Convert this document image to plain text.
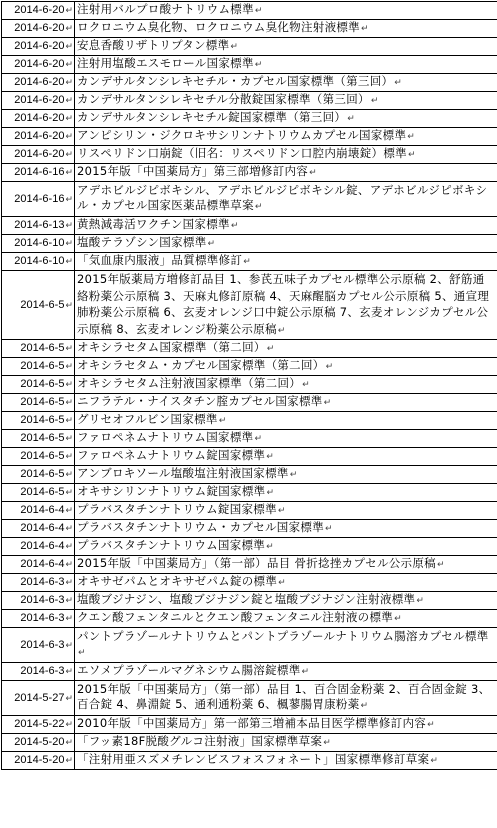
2014-6-20↵	注射用バルプロ酸ナトリウム標準↵
2014-6-20↵	ロクロニウム臭化物、ロクロニウム臭化物注射液標準↵
2014-6-20↵	安息香酸リザトリプタン標準↵
2014-6-20↵	注射用塩酸エスモロール国家標準↵
2014-6-20↵	カンデサルタンシレキセチル・カプセル国家標準（第三回）↵
2014-6-20↵	カンデサルタンシレキセチル分散錠国家標準（第三回）↵
2014-6-20↵	カンデサルタンシレキセチル錠国家標準（第三回）↵
2014-6-20↵	アンピシリン・ジクロキサシリンナトリウムカプセル国家標準↵
2014-6-20↵	リスペリドン口崩錠（旧名：リスペリドン口腔内崩壊錠）標準↵
2014-6-16↵	2015年版「中国薬局方」第三部増修訂内容↵
2014-6-16↵	アデホビルジピボキシル、アデホビルジピボキシル錠、アデホビルジピボキシル・カプセル国家医薬品標準草案↵
2014-6-13↵	黄熱減毒活ワクチン国家標準↵
2014-6-10↵	塩酸テラゾシン国家標準↵
2014-6-10↵	「気血康内服液」品質標準修訂↵
2014-6-5↵	2015年版薬局方増修訂品目 1、参芪五味子カプセル標準公示原稿 2、舒筋通絡粉薬公示原稿 3、天麻丸修訂原稿 4、天麻醒脳カプセル公示原稿 5、通宣理肺粉薬公示原稿 6、玄麦オレンジ口中錠公示原稿 7、玄麦オレンジカプセル公示原稿 8、玄麦オレンジ粉薬公示原稿↵
2014-6-5↵	オキシラセタム国家標準（第二回）↵
2014-6-5↵	オキシラセタム・カプセル国家標準（第二回）↵
2014-6-5↵	オキシラセタム注射液国家標準（第二回）↵
2014-6-5↵	ニフラテル・ナイスタチン腟カプセル国家標準↵
2014-6-5↵	グリセオフルビン国家標準↵
2014-6-5↵	ファロペネムナトリウム国家標準↵
2014-6-5↵	ファロペネムナトリウム錠国家標準↵
2014-6-5↵	アンブロキソール塩酸塩注射液国家標準↵
2014-6-5↵	オキサシリンナトリウム錠国家標準↵
2014-6-4↵	プラバスタチンナトリウム錠国家標準↵
2014-6-4↵	プラバスタチンナトリウム・カプセル国家標準↵
2014-6-4↵	プラバスタチンナトリウム国家標準↵
2014-6-4↵	2015年版「中国薬局方」（第一部）品目 骨折捻挫カプセル公示原稿↵
2014-6-3↵	オキサゼパムとオキサゼパム錠の標準↵
2014-6-3↵	塩酸ブジナジン、塩酸ブジナジン錠と塩酸ブジナジン注射液標準↵
2014-6-3↵	クエン酸フェンタニルとクエン酸フェンタニル注射液の標準↵
2014-6-3↵	パントプラゾールナトリウムとパントプラゾールナトリウム腸溶カプセル標準↵
2014-6-3↵	エソメプラゾールマグネシウム腸溶錠標準↵
2014-5-27↵	2015年版「中国薬局方」（第一部）品目 1、百合固金粉薬 2、百合固金錠 3、百合錠 4、鼻淵錠 5、通利通粉薬 6、楓蓼腸胃康粉薬↵
2014-5-22↵	2010年版「中国薬局方」第一部第三増補本品目医学標準修訂内容↵
2014-5-20↵	「フッ素18F脱酸グルコ注射液」国家標準草案↵
2014-5-20↵	「注射用亜スズメチレンビスフォスフォネート」国家標準修訂草案↵
